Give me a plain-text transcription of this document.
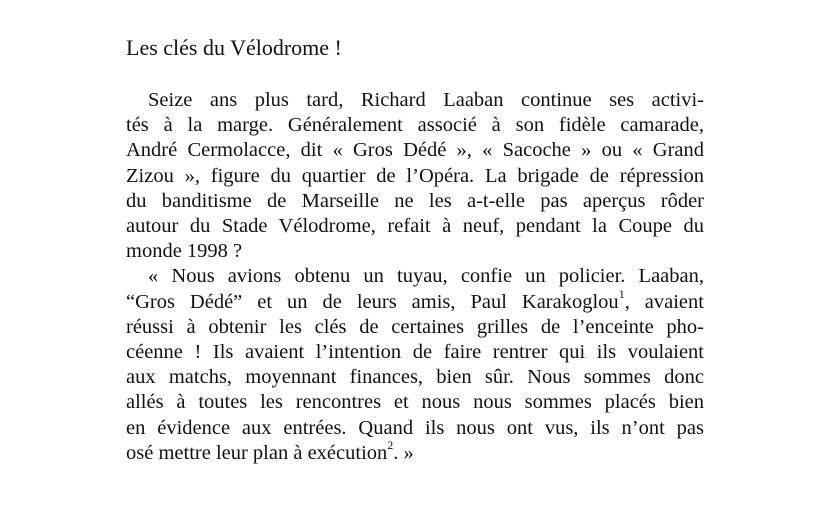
Les clés du Vélodrome !

Seize ans plus tard, Richard Laaban continue ses activi-
tés à la marge. Généralement associé à son fidèle camarade,
André Cermolacce, dit « Gros Dédé », « Sacoche » ou « Grand
Zizou », figure du quartier de l’Opéra. La brigade de répression
du banditisme de Marseille ne les a-t-elle pas aperçus rôder
autour du Stade Vélodrome, refait à neuf, pendant la Coupe du
monde 1998 ?

« Nous avions obtenu un tuyau, confie un policier. Laaban,
“Gros Dédé” et un de leurs amis, Paul Karakoglou$^1$, avaient
réussi à obtenir les clés de certaines grilles de l’enceinte pho-
céenne ! Ils avaient l’intention de faire rentrer qui ils voulaient
aux matchs, moyennant finances, bien sûr. Nous sommes donc
allés à toutes les rencontres et nous nous sommes placés bien
en évidence aux entrées. Quand ils nous ont vus, ils n’ont pas
osé mettre leur plan à exécution$^2$. »
